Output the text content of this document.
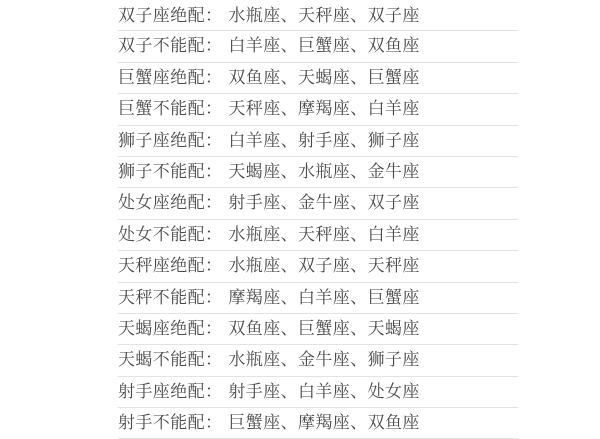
双子座绝配： 水瓶座、天秤座、双子座
双子不能配： 白羊座、巨蟹座、双鱼座
巨蟹座绝配： 双鱼座、天蝎座、巨蟹座
巨蟹不能配： 天秤座、摩羯座、白羊座
狮子座绝配： 白羊座、射手座、狮子座
狮子不能配： 天蝎座、水瓶座、金牛座
处女座绝配： 射手座、金牛座、双子座
处女不能配： 水瓶座、天秤座、白羊座
天秤座绝配： 水瓶座、双子座、天秤座
天秤不能配： 摩羯座、白羊座、巨蟹座
天蝎座绝配： 双鱼座、巨蟹座、天蝎座
天蝎不能配： 水瓶座、金牛座、狮子座
射手座绝配： 射手座、白羊座、处女座
射手不能配： 巨蟹座、摩羯座、双鱼座
